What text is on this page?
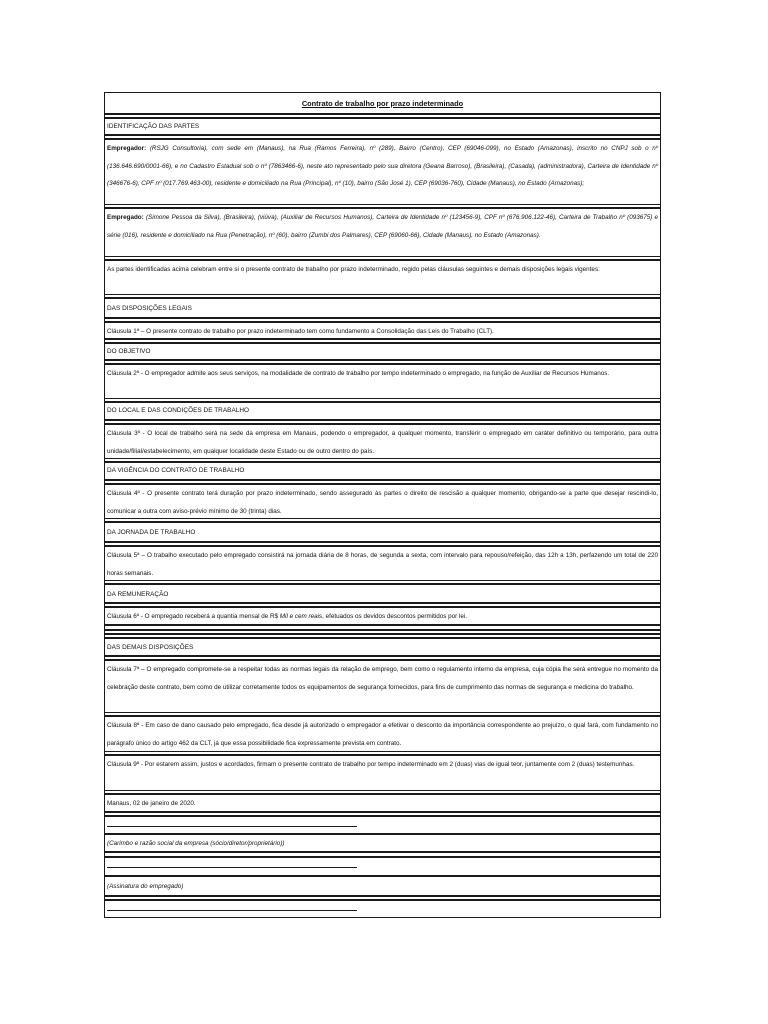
Contrato de trabalho por prazo indeterminado
IDENTIFICAÇÃO DAS PARTES

Empregador: (RSJG Consultoria), com sede em (Manaus), na Rua (Ramos Ferreira), nº (289), Bairro (Centro), CEP (69046-099), no Estado (Amazonas), inscrito no CNPJ sob o nº (136.646.690/0001-66), e no Cadastro Estadual sob o nº (7863466-6), neste ato representado pelo sua diretora (Geana Barroso), (Brasileira), (Casada), (administradora), Carteira de Identidade nº (346676-6), CPF nº (017.769.463-00), residente e domiciliado na Rua (Principal), nº (10), bairro (São José 1), CEP (69036-760), Cidade (Manaus), no Estado (Amazonas);

Empregado: (Simone Pessoa da Silva), (Brasileira), (viúva), (Auxiliar de Recursos Humanos), Carteira de Identidade nº (123456-9), CPF nº (676.906.122-46), Carteira de Trabalho nº (093675) e série (016), residente e domiciliado na Rua (Penetração), nº (60), bairro (Zumbi dos Palmares), CEP (69060-66), Cidade (Manaus), no Estado (Amazonas).

As partes identificadas acima celebram entre si o presente contrato de trabalho por prazo indeterminado, regido pelas cláusulas seguintes e demais disposições legais vigentes:

DAS DISPOSIÇÕES LEGAIS

Cláusula 1ª – O presente contrato de trabalho por prazo indeterminado tem como fundamento a Consolidação das Leis do Trabalho (CLT).

DO OBJETIVO

Cláusula 2ª - O empregador admite aos seus serviços, na modalidade de contrato de trabalho por tempo indeterminado o empregado, na função de Auxiliar de Recursos Humanos.

DO LOCAL E DAS CONDIÇÕES DE TRABALHO

Cláusula 3ª - O local de trabalho será na sede da empresa em Manaus, podendo o empregador, a qualquer momento, transferir o empregado em caráter definitivo ou temporário, para outra unidade/filial/estabelecimento, em qualquer localidade deste Estado ou de outro dentro do país.

DA VIGÊNCIA DO CONTRATO DE TRABALHO

Cláusula 4ª - O presente contrato terá duração por prazo indeterminado, sendo assegurado às partes o direito de rescisão a qualquer momento, obrigando-se a parte que desejar rescindi-lo, comunicar a outra com aviso-prévio mínimo de 30 (trinta) dias.

DA JORNADA DE TRABALHO

Cláusula 5ª – O trabalho executado pelo empregado consistirá na jornada diária de 8 horas, de segunda a sexta, com intervalo para repouso/refeição, das 12h a 13h, perfazendo um total de 220 horas semanais.

DA REMUNERAÇÃO

Cláusula 6ª - O empregado receberá a quantia mensal de R$ Mil e cem reais, efetuados os devidos descontos permitidos por lei.

DAS DEMAIS DISPOSIÇÕES

Cláusula 7ª – O empregado compromete-se a respeitar todas as normas legais da relação de emprego, bem como o regulamento interno da empresa, cuja cópia lhe será entregue no momento da celebração deste contrato, bem como de utilizar corretamente todos os equipamentos de segurança fornecidos, para fins de cumprimento das normas de segurança e medicina do trabalho.

Cláusula 8ª - Em caso de dano causado pelo empregado, fica desde já autorizado o empregador a efetivar o desconto da importância correspondente ao prejuízo, o qual fará, com fundamento no parágrafo único do artigo 462 da CLT, já que essa possibilidade fica expressamente prevista em contrato.

Cláusula 9ª - Por estarem assim, justos e acordados, firmam o presente contrato de trabalho por tempo indeterminado em 2 (duas) vias de igual teor, juntamente com 2 (duas) testemunhas.

Manaus, 02 de janeiro de 2020.
(Carimbo e razão social da empresa (sócio/diretor/proprietário))
(Assinatura do empregado)
